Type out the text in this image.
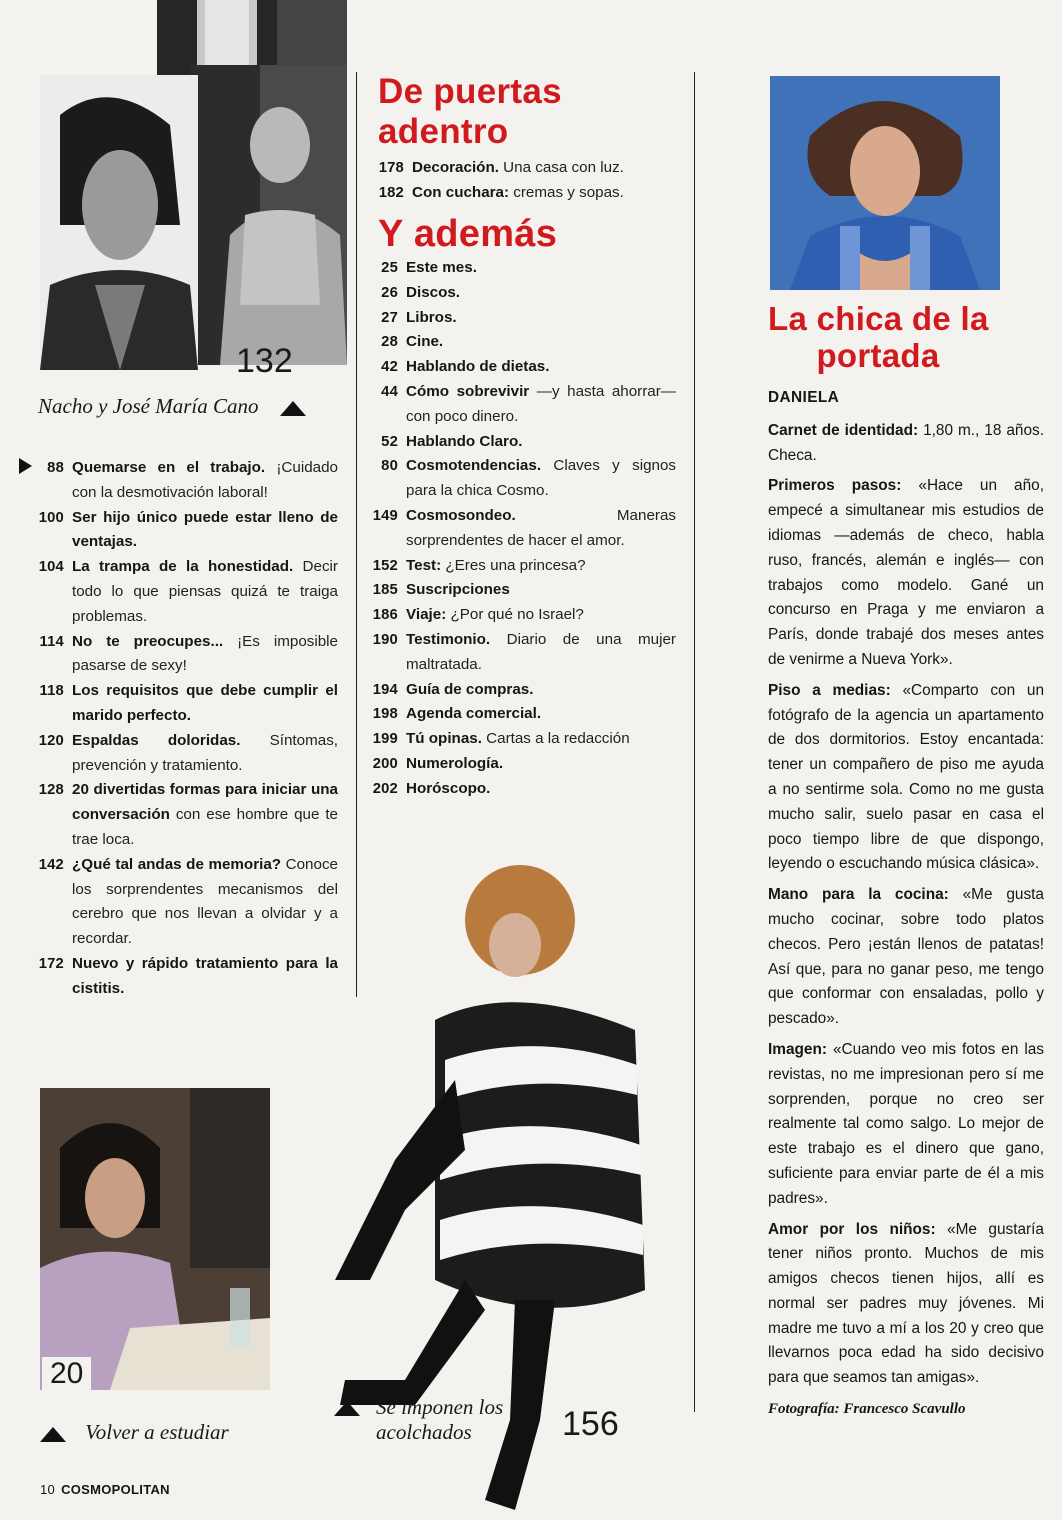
132
Nacho y José María Cano
88 Quemarse en el trabajo. ¡Cuidado con la desmotivación laboral!
100 Ser hijo único puede estar lleno de ventajas.
104 La trampa de la honestidad. Decir todo lo que piensas quizá te traiga problemas.
114 No te preocupes... ¡Es imposible pasarse de sexy!
118 Los requisitos que debe cumplir el marido perfecto.
120 Espaldas doloridas. Síntomas, prevención y tratamiento.
128 20 divertidas formas para iniciar una conversación con ese hombre que te trae loca.
142 ¿Qué tal andas de memoria? Conoce los sorprendentes mecanismos del cerebro que nos llevan a olvidar y a recordar.
172 Nuevo y rápido tratamiento para la cistitis.
De puertas
adentro
178 Decoración. Una casa con luz.
182 Con cuchara: cremas y sopas.
Y además
25 Este mes.
26 Discos.
27 Libros.
28 Cine.
42 Hablando de dietas.
44 Cómo sobrevivir —y hasta ahorrar— con poco dinero.
52 Hablando Claro.
80 Cosmotendencias. Claves y signos para la chica Cosmo.
149 Cosmosondeo. Maneras sorprendentes de hacer el amor.
152 Test: ¿Eres una princesa?
185 Suscripciones
186 Viaje: ¿Por qué no Israel?
190 Testimonio. Diario de una mujer maltratada.
194 Guía de compras.
198 Agenda comercial.
199 Tú opinas. Cartas a la redacción
200 Numerología.
202 Horóscopo.
Se imponen los
acolchados	156
20
Volver a estudiar
La chica de la
portada
DANIELA

Carnet de identidad: 1,80 m., 18 años. Checa.

Primeros pasos: «Hace un año, empecé a simultanear mis estudios de idiomas —además de checo, habla ruso, francés, alemán e inglés— con trabajos como modelo. Gané un concurso en Praga y me enviaron a París, donde trabajé dos meses antes de venirme a Nueva York».

Piso a medias: «Comparto con un fotógrafo de la agencia un apartamento de dos dormitorios. Estoy encantada: tener un compañero de piso me ayuda a no sentirme sola. Como no me gusta mucho salir, suelo pasar en casa el poco tiempo libre de que dispongo, leyendo o escuchando música clásica».

Mano para la cocina: «Me gusta mucho cocinar, sobre todo platos checos. Pero ¡están llenos de patatas! Así que, para no ganar peso, me tengo que conformar con ensaladas, pollo y pescado».

Imagen: «Cuando veo mis fotos en las revistas, no me impresionan pero sí me sorprenden, porque no creo ser realmente tal como salgo. Lo mejor de este trabajo es el dinero que gano, suficiente para enviar parte de él a mis padres».

Amor por los niños: «Me gustaría tener niños pronto. Muchos de mis amigos checos tienen hijos, allí es normal ser padres muy jóvenes. Mi madre me tuvo a mí a los 20 y creo que llevarnos poca edad ha sido decisivo para que seamos tan amigas».

Fotografía: Francesco Scavullo
10 COSMOPOLITAN
